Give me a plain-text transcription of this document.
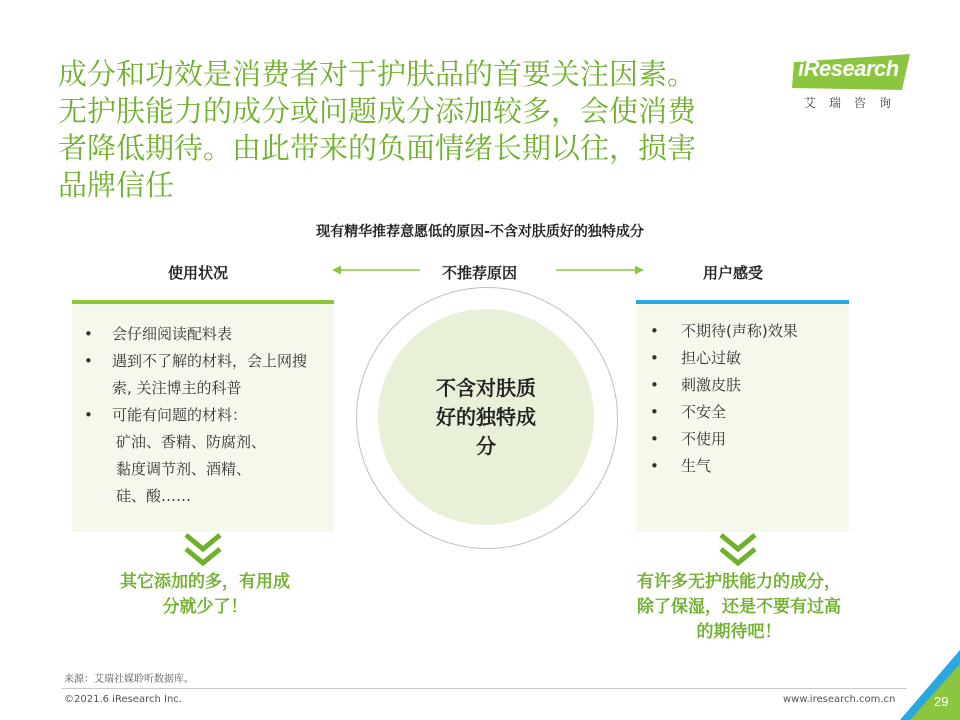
成分和功效是消费者对于护肤品的首要关注因素。
无护肤能力的成分或问题成分添加较多，会使消费
者降低期待。由此带来的负面情绪长期以往，损害
品牌信任
iResearch
艾瑞咨询
现有精华推荐意愿低的原因-不含对肤质好的独特成分
使用状况	不推荐原因	用户感受
• 会仔细阅读配料表
• 遇到不了解的材料，会上网搜索, 关注博主的科普
• 可能有问题的材料：
矿油、香精、防腐剂、
黏度调节剂、酒精、
硅、酸……
不含对肤质
好的独特成
分
• 不期待(声称)效果
• 担心过敏
• 刺激皮肤
• 不安全
• 不使用
• 生气
其它添加的多，有用成
分就少了！
有许多无护肤能力的成分，
除了保湿，还是不要有过高
的期待吧！
来源：艾瑞社媒聆听数据库。
©2021.6 iResearch Inc.	www.iresearch.com.cn	29
